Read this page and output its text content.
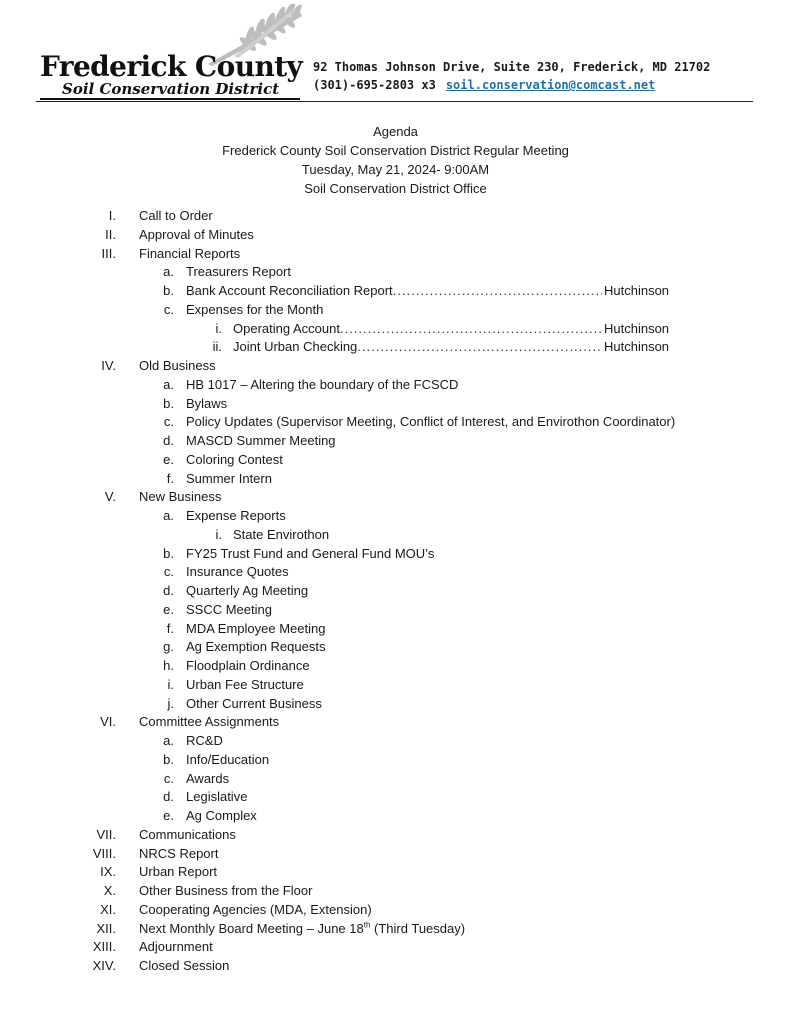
Frederick County
Soil Conservation District
92 Thomas Johnson Drive, Suite 230, Frederick, MD 21702
(301)-695-2803 x3 soil.conservation@comcast.net
Agenda
Frederick County Soil Conservation District Regular Meeting
Tuesday, May 21, 2024- 9:00AM
Soil Conservation District Office
I. Call to Order
II. Approval of Minutes
III. Financial Reports
a. Treasurers Report
b. Bank Account Reconciliation Report .....	Hutchinson
c. Expenses for the Month
i. Operating Account .....	Hutchinson
ii. Joint Urban Checking .....	Hutchinson
IV. Old Business
a. HB 1017 – Altering the boundary of the FCSCD
b. Bylaws
c. Policy Updates (Supervisor Meeting, Conflict of Interest, and Envirothon Coordinator)
d. MASCD Summer Meeting
e. Coloring Contest
f. Summer Intern
V. New Business
a. Expense Reports
i. State Envirothon
b. FY25 Trust Fund and General Fund MOU’s
c. Insurance Quotes
d. Quarterly Ag Meeting
e. SSCC Meeting
f. MDA Employee Meeting
g. Ag Exemption Requests
h. Floodplain Ordinance
i. Urban Fee Structure
j. Other Current Business
VI. Committee Assignments
a. RC&D
b. Info/Education
c. Awards
d. Legislative
e. Ag Complex
VII. Communications
VIII. NRCS Report
IX. Urban Report
X. Other Business from the Floor
XI. Cooperating Agencies (MDA, Extension)
XII. Next Monthly Board Meeting – June 18th (Third Tuesday)
XIII. Adjournment
XIV. Closed Session
